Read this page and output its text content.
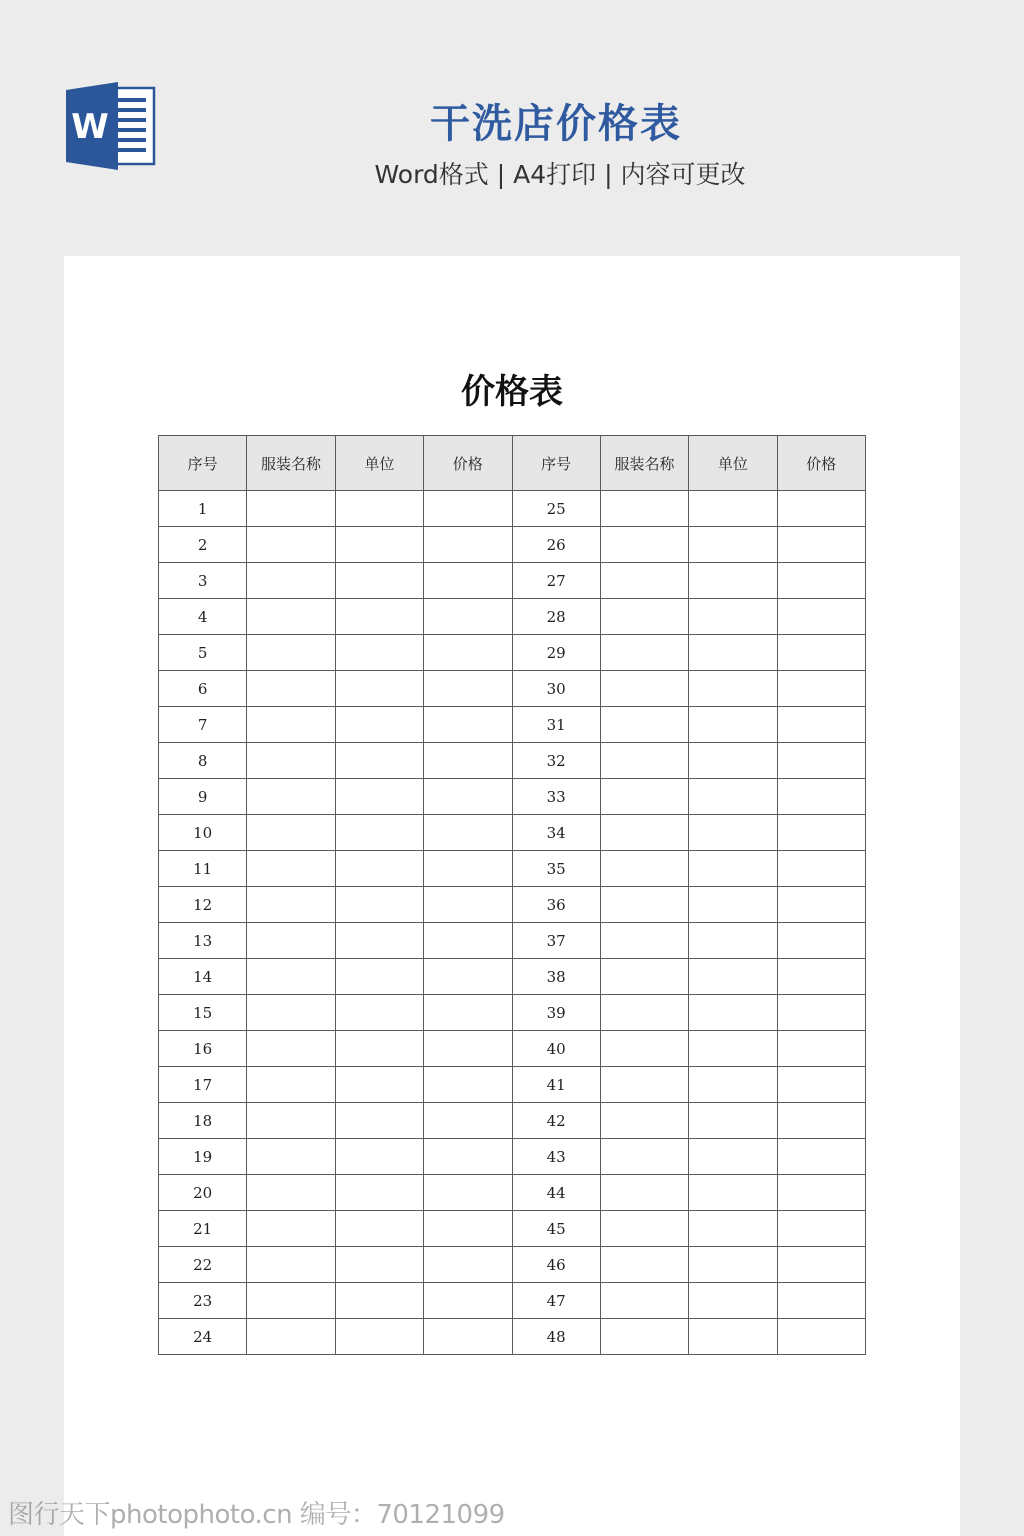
W	干洗店价格表
Word格式 | A4打印 | 内容可更改
价格表
序号	服装名称	单位	价格	序号	服装名称	单位	价格
1				25			
2				26			
3				27			
4				28			
5				29			
6				30			
7				31			
8				32			
9				33			
10				34			
11				35			
12				36			
13				37			
14				38			
15				39			
16				40			
17				41			
18				42			
19				43			
20				44			
21				45			
22				46			
23				47			
24				48			
图行天下photophoto.cn 编号：70121099
